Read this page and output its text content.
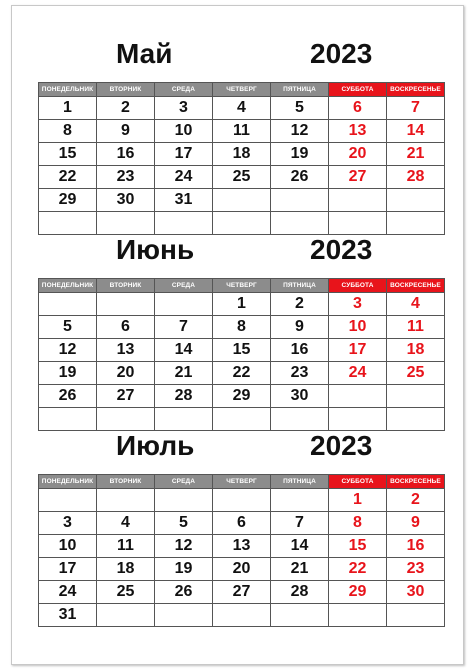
Май	2023
ПОНЕДЕЛЬНИК	ВТОРНИК	СРЕДА	ЧЕТВЕРГ	ПЯТНИЦА	СУББОТА	ВОСКРЕСЕНЬЕ
1	2	3	4	5	6	7
8	9	10	11	12	13	14
15	16	17	18	19	20	21
22	23	24	25	26	27	28
29	30	31				

Июнь	2023
ПОНЕДЕЛЬНИК	ВТОРНИК	СРЕДА	ЧЕТВЕРГ	ПЯТНИЦА	СУББОТА	ВОСКРЕСЕНЬЕ
			1	2	3	4
5	6	7	8	9	10	11
12	13	14	15	16	17	18
19	20	21	22	23	24	25
26	27	28	29	30		

Июль	2023
ПОНЕДЕЛЬНИК	ВТОРНИК	СРЕДА	ЧЕТВЕРГ	ПЯТНИЦА	СУББОТА	ВОСКРЕСЕНЬЕ
					1	2
3	4	5	6	7	8	9
10	11	12	13	14	15	16
17	18	19	20	21	22	23
24	25	26	27	28	29	30
31						
